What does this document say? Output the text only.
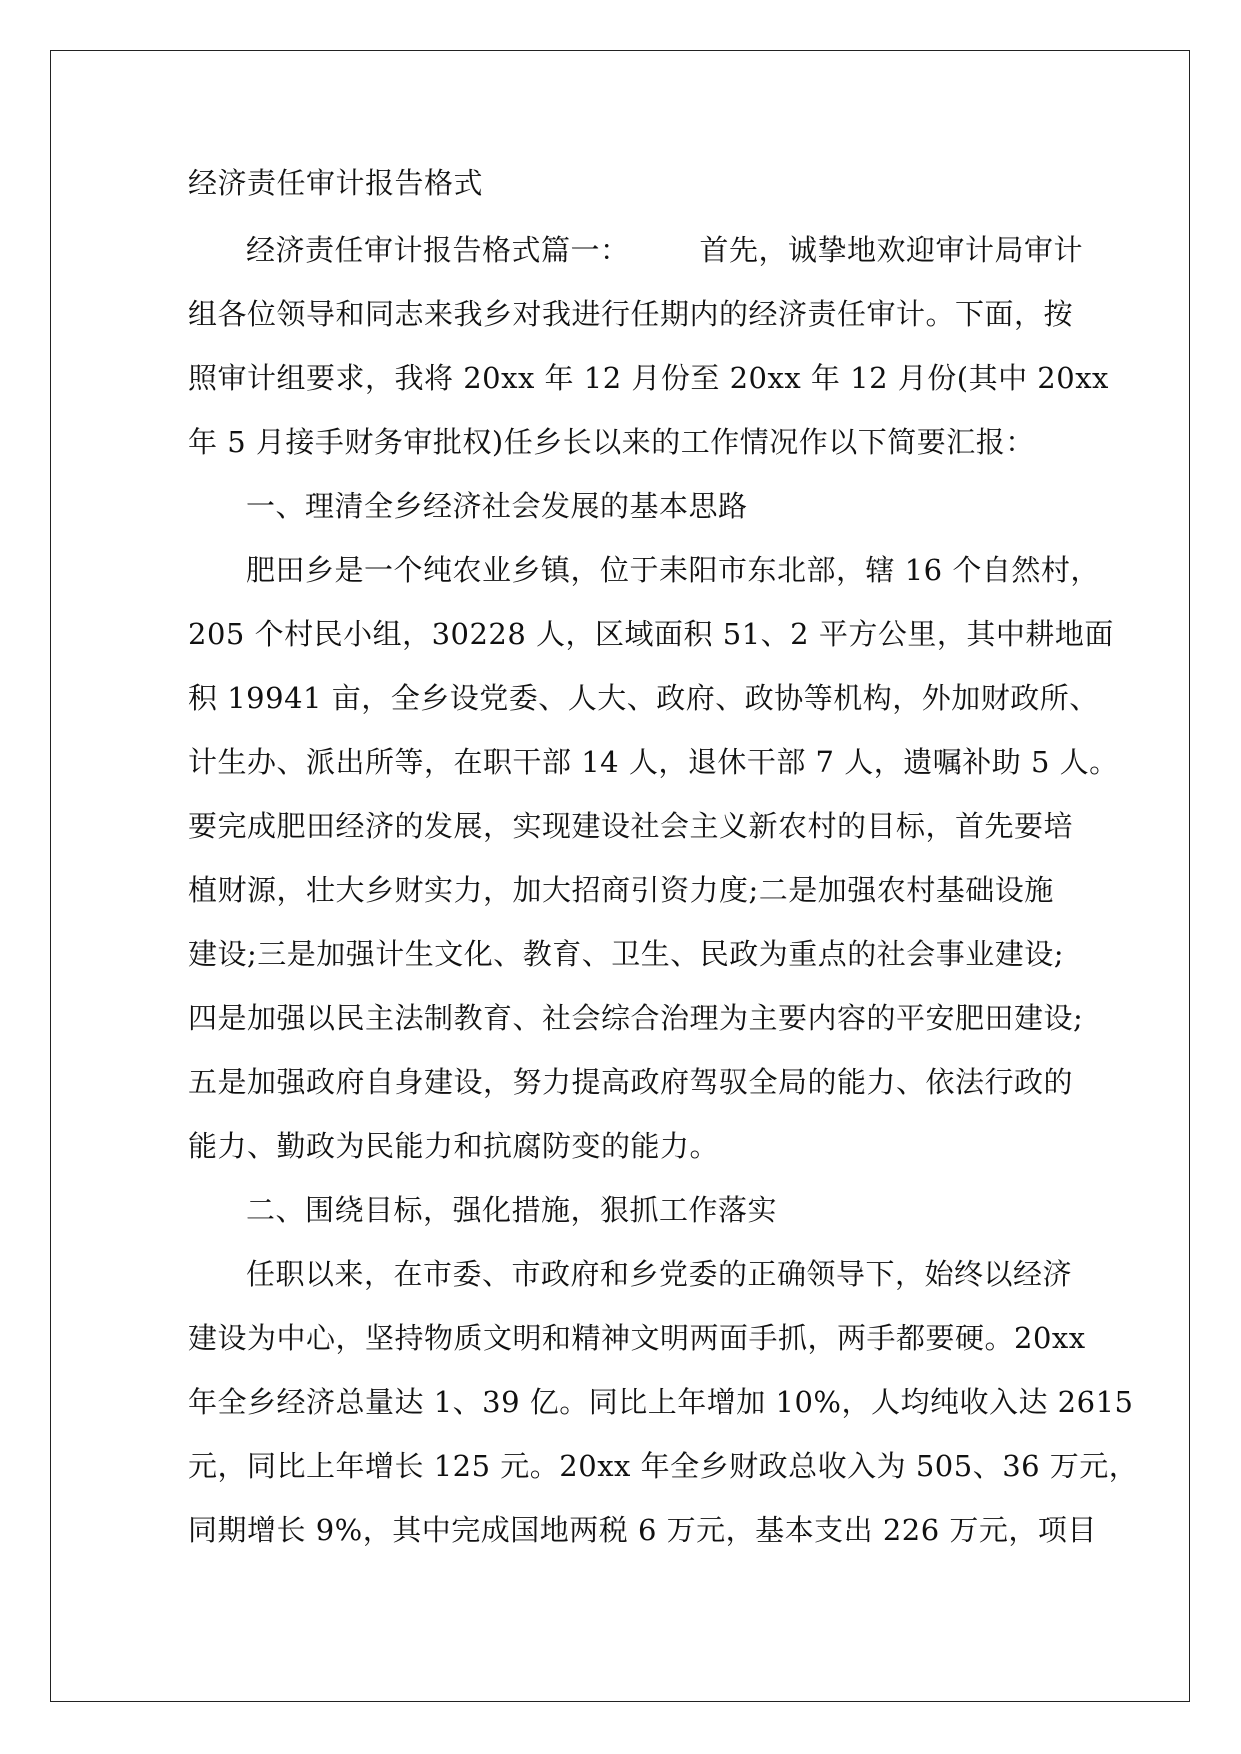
经济责任审计报告格式
经济责任审计报告格式篇一： 首先，诚挚地欢迎审计局审计
组各位领导和同志来我乡对我进行任期内的经济责任审计。下面，按
照审计组要求，我将 20xx 年 12 月份至 20xx 年 12 月份(其中 20xx
年 5 月接手财务审批权)任乡长以来的工作情况作以下简要汇报：
一、理清全乡经济社会发展的基本思路
肥田乡是一个纯农业乡镇，位于耒阳市东北部，辖 16 个自然村，
205 个村民小组，30228 人，区域面积 51、2 平方公里，其中耕地面
积 19941 亩，全乡设党委、人大、政府、政协等机构，外加财政所、
计生办、派出所等，在职干部 14 人，退休干部 7 人，遗嘱补助 5 人。
要完成肥田经济的发展，实现建设社会主义新农村的目标，首先要培
植财源，壮大乡财实力，加大招商引资力度;二是加强农村基础设施
建设;三是加强计生文化、教育、卫生、民政为重点的社会事业建设;
四是加强以民主法制教育、社会综合治理为主要内容的平安肥田建设;
五是加强政府自身建设，努力提高政府驾驭全局的能力、依法行政的
能力、勤政为民能力和抗腐防变的能力。
二、围绕目标，强化措施，狠抓工作落实
任职以来，在市委、市政府和乡党委的正确领导下，始终以经济
建设为中心，坚持物质文明和精神文明两面手抓，两手都要硬。20xx
年全乡经济总量达 1、39 亿。同比上年增加 10%，人均纯收入达 2615
元，同比上年增长 125 元。20xx 年全乡财政总收入为 505、36 万元，
同期增长 9%，其中完成国地两税 6 万元，基本支出 226 万元，项目
